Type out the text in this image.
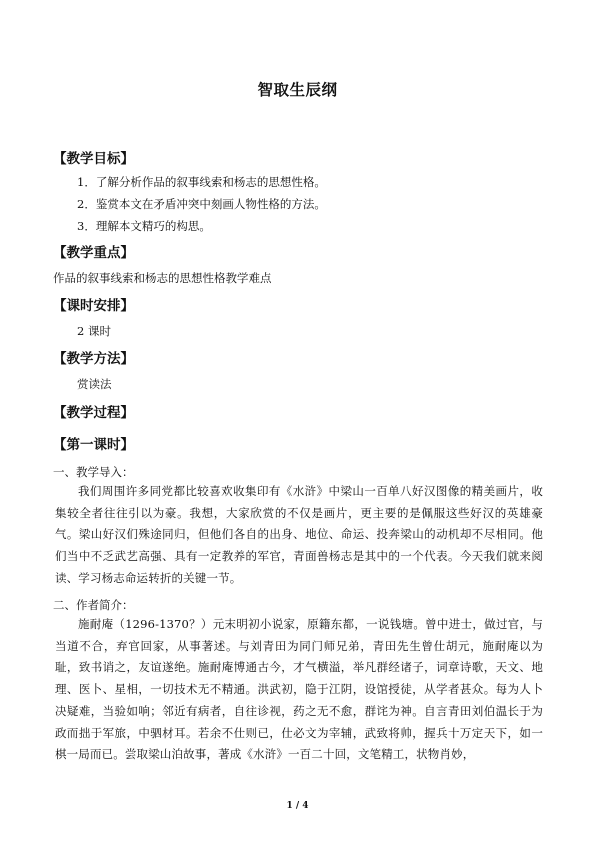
智取生辰纲
【教学目标】
1．了解分析作品的叙事线索和杨志的思想性格。
2．鉴赏本文在矛盾冲突中刻画人物性格的方法。
3．理解本文精巧的构思。
【教学重点】
作品的叙事线索和杨志的思想性格教学难点
【课时安排】
2 课时
【教学方法】
赏读法
【教学过程】
【第一课时】
一、教学导入：

我们周围许多同党都比较喜欢收集印有《水浒》中梁山一百单八好汉图像的精美画片，收集较全者往往引以为豪。我想，大家欣赏的不仅是画片，更主要的是佩服这些好汉的英雄豪气。梁山好汉们殊途同归，但他们各自的出身、地位、命运、投奔梁山的动机却不尽相同。他们当中不乏武艺高强、具有一定教养的军官，青面兽杨志是其中的一个代表。今天我们就来阅读、学习杨志命运转折的关键一节。

二、作者简介：

施耐庵（1296-1370？）元末明初小说家，原籍东都，一说钱塘。曾中进士，做过官，与当道不合，弃官回家，从事著述。与刘青田为同门师兄弟，青田先生曾仕胡元，施耐庵以为耻，致书诮之，友谊遂绝。施耐庵博通古今，才气横溢，举凡群经诸子，词章诗歌，天文、地理、医卜、星相，一切技术无不精通。洪武初，隐于江阴，设馆授徒，从学者甚众。每为人卜决疑难，当验如响；邻近有病者，自往诊视，药之无不愈，群诧为神。自言青田刘伯温长于为政而拙于军旅，中驷材耳。若余不仕则已，仕必文为宰辅，武致将帅，握兵十万定天下，如一棋一局而已。尝取梁山泊故事，著成《水浒》一百二十回，文笔精工，状物肖妙，

1 / 4
